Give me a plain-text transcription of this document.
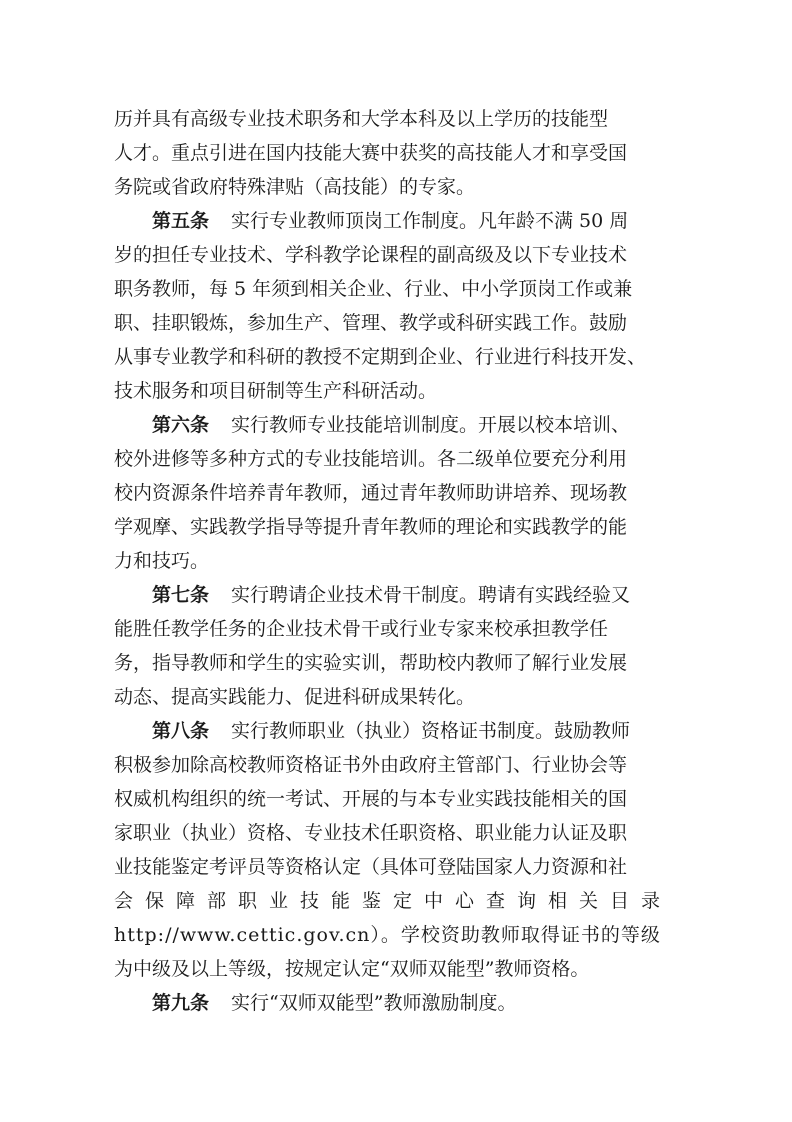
历并具有高级专业技术职务和大学本科及以上学历的技能型
人才。重点引进在国内技能大赛中获奖的高技能人才和享受国
务院或省政府特殊津贴（高技能）的专家。
第五条 实行专业教师顶岗工作制度。凡年龄不满 50 周
岁的担任专业技术、学科教学论课程的副高级及以下专业技术
职务教师，每 5 年须到相关企业、行业、中小学顶岗工作或兼
职、挂职锻炼，参加生产、管理、教学或科研实践工作。鼓励
从事专业教学和科研的教授不定期到企业、行业进行科技开发、
技术服务和项目研制等生产科研活动。
第六条 实行教师专业技能培训制度。开展以校本培训、
校外进修等多种方式的专业技能培训。各二级单位要充分利用
校内资源条件培养青年教师，通过青年教师助讲培养、现场教
学观摩、实践教学指导等提升青年教师的理论和实践教学的能
力和技巧。
第七条 实行聘请企业技术骨干制度。聘请有实践经验又
能胜任教学任务的企业技术骨干或行业专家来校承担教学任
务，指导教师和学生的实验实训，帮助校内教师了解行业发展
动态、提高实践能力、促进科研成果转化。
第八条 实行教师职业（执业）资格证书制度。鼓励教师
积极参加除高校教师资格证书外由政府主管部门、行业协会等
权威机构组织的统一考试、开展的与本专业实践技能相关的国
家职业（执业）资格、专业技术任职资格、职业能力认证及职
业技能鉴定考评员等资格认定（具体可登陆国家人力资源和社
会保障部职业技能鉴定中心查询相关目录
http://www.cettic.gov.cn）。学校资助教师取得证书的等级
为中级及以上等级，按规定认定“双师双能型”教师资格。
第九条 实行“双师双能型”教师激励制度。
